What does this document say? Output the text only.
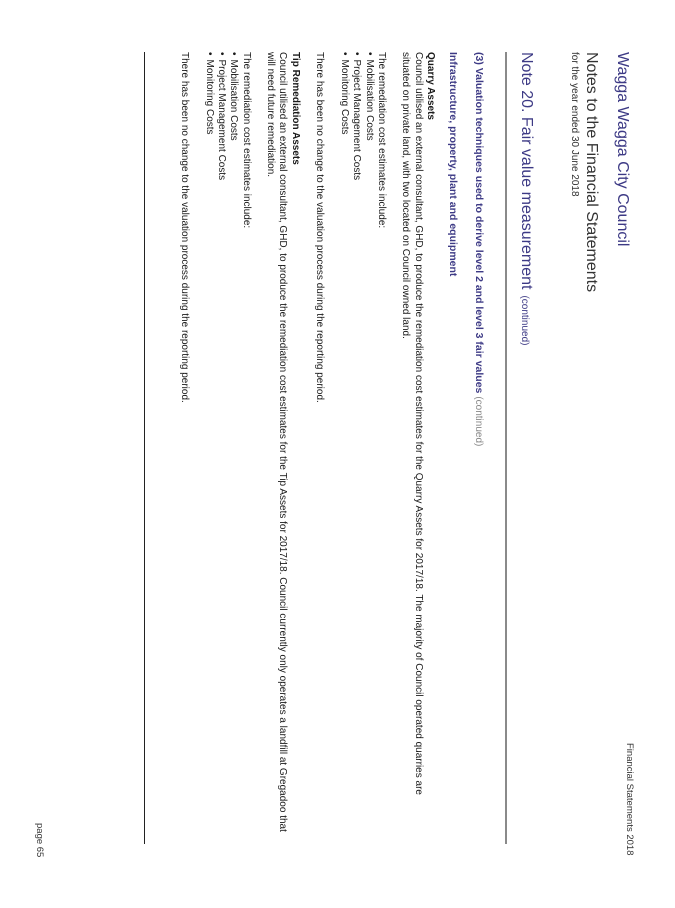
Wagga Wagga City Council
Financial Statements 2018
Notes to the Financial Statements
for the year ended 30 June 2018
Note 20. Fair value measurement(continued)
(3) Valuation techniques used to derive level 2 and level 3 fair values (continued)
Infrastructure, property, plant and equipment

Quarry Assets

Council utilised an external consultant, GHD, to produce the remediation cost estimates for the Quarry Assets for 2017/18. The majority of Council operated quarries are situated on private land, with two located on Council owned land.

The remediation cost estimates include:

• Mobilisation Costs
• Project Management Costs
• Monitoring Costs

There has been no change to the valuation process during the reporting period.

Tip Remediation Assets

Council utilised an external consultant, GHD, to produce the remediation cost estimates for the Tip Assets for 2017/18. Council currently only operates a landfill at Gregadoo that will need future remediation.

The remediation cost estimates include:

• Mobilisation Costs
• Project Management Costs
• Monitoring Costs

There has been no change to the valuation process during the reporting period.

page 65
